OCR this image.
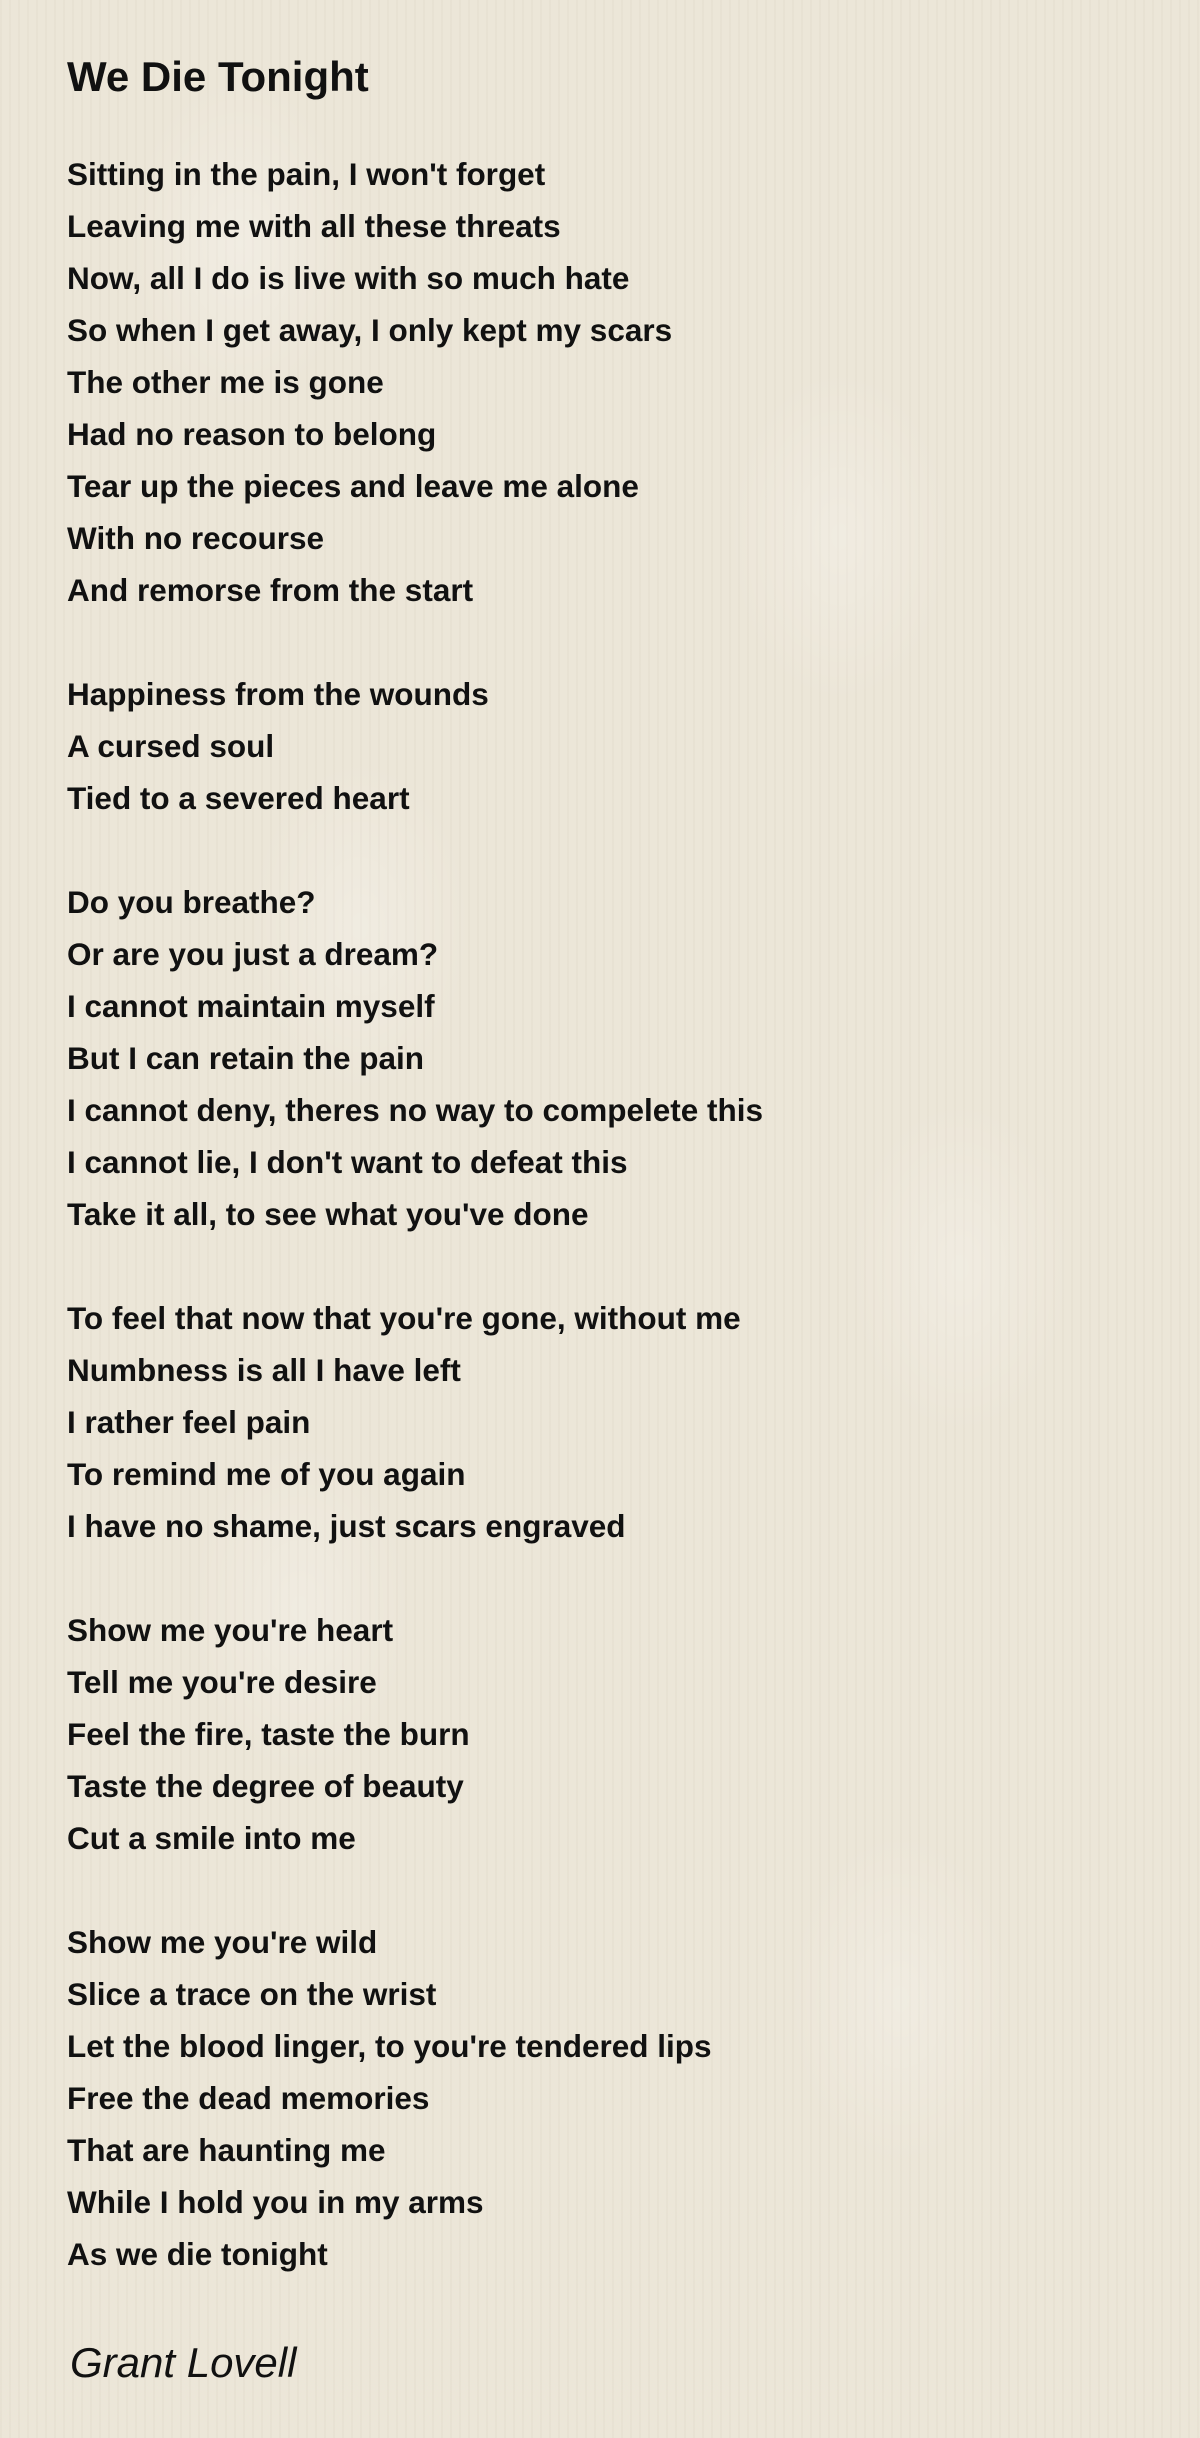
We Die Tonight
Sitting in the pain, I won't forget
Leaving me with all these threats
Now, all I do is live with so much hate
So when I get away, I only kept my scars
The other me is gone
Had no reason to belong
Tear up the pieces and leave me alone
With no recourse
And remorse from the start
Happiness from the wounds
A cursed soul
Tied to a severed heart
Do you breathe?
Or are you just a dream?
I cannot maintain myself
But I can retain the pain
I cannot deny, theres no way to compelete this
I cannot lie, I don't want to defeat this
Take it all, to see what you've done
To feel that now that you're gone, without me
Numbness is all I have left
I rather feel pain
To remind me of you again
I have no shame, just scars engraved
Show me you're heart
Tell me you're desire
Feel the fire, taste the burn
Taste the degree of beauty
Cut a smile into me
Show me you're wild
Slice a trace on the wrist
Let the blood linger, to you're tendered lips
Free the dead memories
That are haunting me
While I hold you in my arms
As we die tonight
Grant Lovell
